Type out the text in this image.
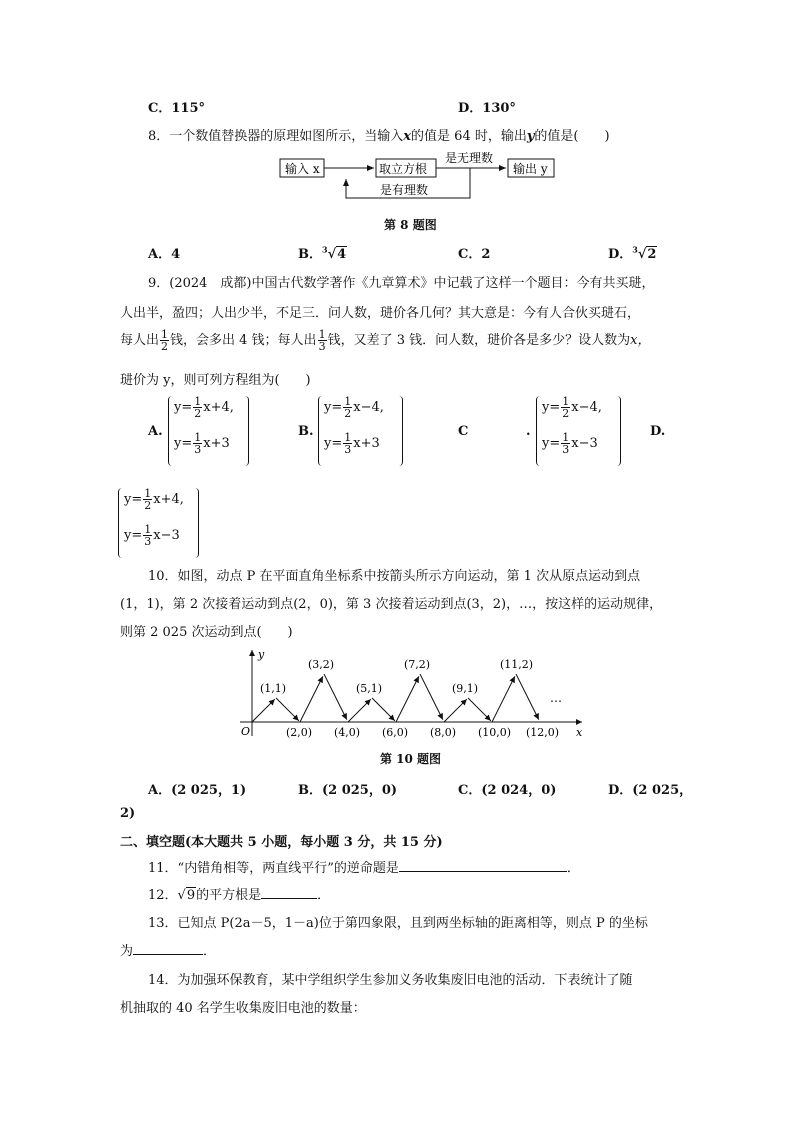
C．115°	D．130°
8．一个数值替换器的原理如图所示，当输入x的值是 64 时，输出y的值是(　　)
输入 x	取立方根
是无理数
输出 y
是有理数
第 8 题图
A．4	B．$^3$√4	C．2	D．$^3$√2
9．(2024　成都)中国古代数学著作《九章算术》中记载了这样一个题目：今有共买琎，
人出半，盈四；人出少半，不足三．问人数，琎价各几何？其大意是：今有人合伙买琎石，
每人出 $\frac{1}{2}$ 钱，会多出 4 钱；每人出 $\frac{1}{3}$ 钱，又差了 3 钱．问人数，琎价各是多少？设人数为x，
琎价为 y，则可列方程组为(　　)
A.
$y= \frac{1}{2} x+4$,
$y= \frac{1}{3} x+3$
B.
$y= \frac{1}{2} x-4$,
$y= \frac{1}{3} x+3$
C	.
$y= \frac{1}{2} x-4$,
$y= \frac{1}{3} x-3$
D.
$y= \frac{1}{2} x+4$,
$y= \frac{1}{3} x-3$
10．如图，动点 P 在平面直角坐标系中按箭头所示方向运动，第 1 次从原点运动到点
(1，1)，第 2 次接着运动到点(2，0)，第 3 次接着运动到点(3，2)，…，按这样的运动规律，
则第 2 025 次运动到点(　　)
y
x
O
(1,1)
(3,2)
(5,1)
(7,2)
(9,1)
(11,2)
(2,0) (4,0) (6,0) (8,0) (10,0) (12,0)
…
第 10 题图
A．(2 025，1)	B．(2 025，0)	C．(2 024，0)	D．(2 025，
2)
二、填空题(本大题共 5 小题，每小题 3 分，共 15 分)
11．“内错角相等，两直线平行”的逆命题是	．
12．√9的平方根是	．
13．已知点 P(2a－5，1－a)位于第四象限，且到两坐标轴的距离相等，则点 P 的坐标
为	．
14．为加强环保教育，某中学组织学生参加义务收集废旧电池的活动．下表统计了随
机抽取的 40 名学生收集废旧电池的数量：
